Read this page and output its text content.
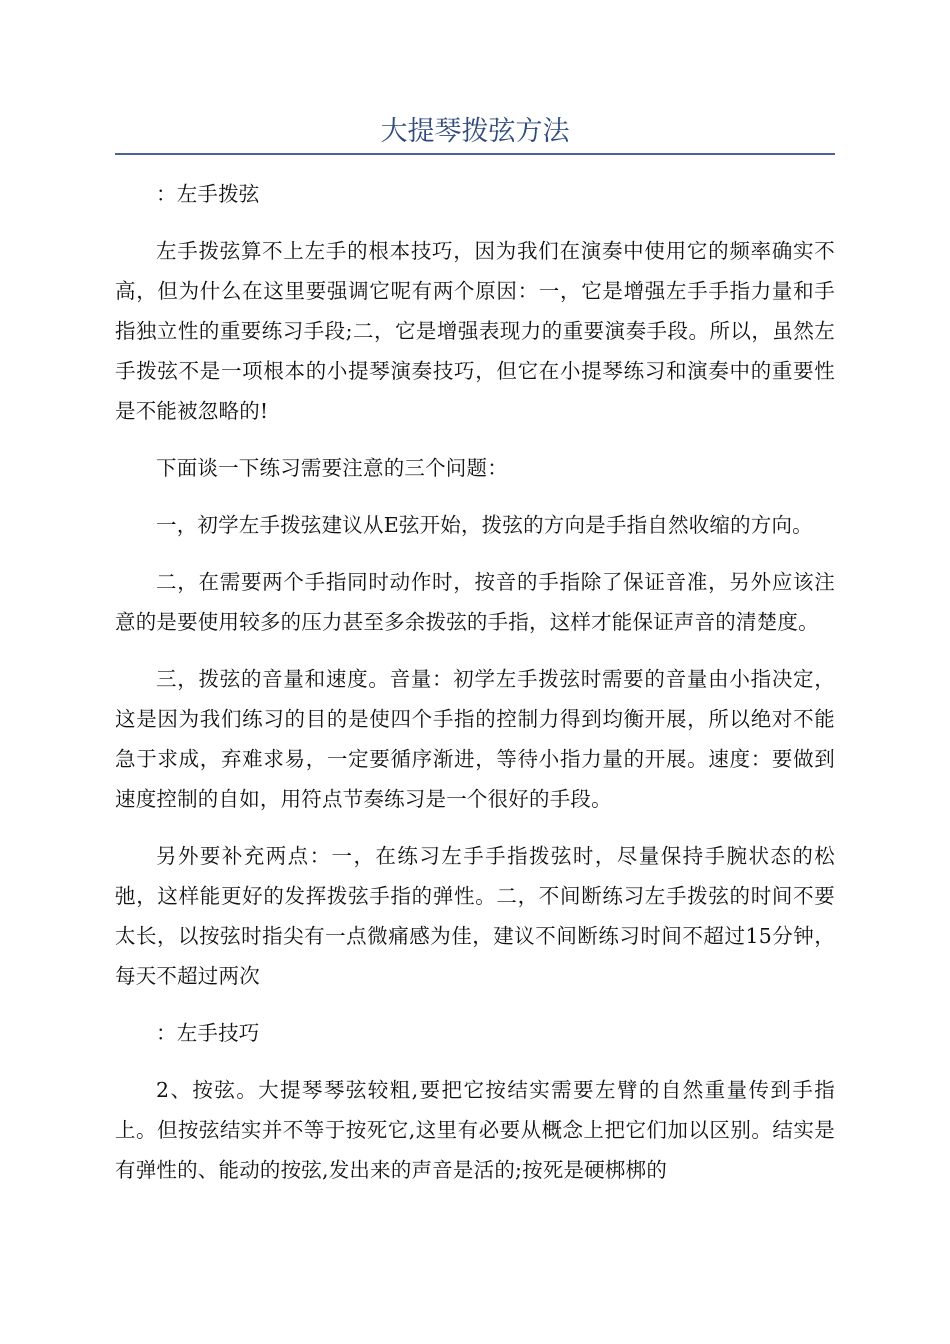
大提琴拨弦方法

：左手拨弦

左手拨弦算不上左手的根本技巧，因为我们在演奏中使用它的频率确实不高，但为什么在这里要强调它呢有两个原因：一，它是增强左手手指力量和手指独立性的重要练习手段;二，它是增强表现力的重要演奏手段。所以，虽然左手拨弦不是一项根本的小提琴演奏技巧，但它在小提琴练习和演奏中的重要性是不能被忽略的!

下面谈一下练习需要注意的三个问题：

一，初学左手拨弦建议从E弦开始，拨弦的方向是手指自然收缩的方向。

二，在需要两个手指同时动作时，按音的手指除了保证音准，另外应该注意的是要使用较多的压力甚至多余拨弦的手指，这样才能保证声音的清楚度。

三，拨弦的音量和速度。音量：初学左手拨弦时需要的音量由小指决定，这是因为我们练习的目的是使四个手指的控制力得到均衡开展，所以绝对不能急于求成，弃难求易，一定要循序渐进，等待小指力量的开展。速度：要做到速度控制的自如，用符点节奏练习是一个很好的手段。

另外要补充两点：一，在练习左手手指拨弦时，尽量保持手腕状态的松弛，这样能更好的发挥拨弦手指的弹性。二，不间断练习左手拨弦的时间不要太长，以按弦时指尖有一点微痛感为佳，建议不间断练习时间不超过15分钟，每天不超过两次

：左手技巧

2、按弦。大提琴琴弦较粗,要把它按结实需要左臂的自然重量传到手指上。但按弦结实并不等于按死它,这里有必要从概念上把它们加以区别。结实是有弹性的、能动的按弦,发出来的声音是活的;按死是硬梆梆的
